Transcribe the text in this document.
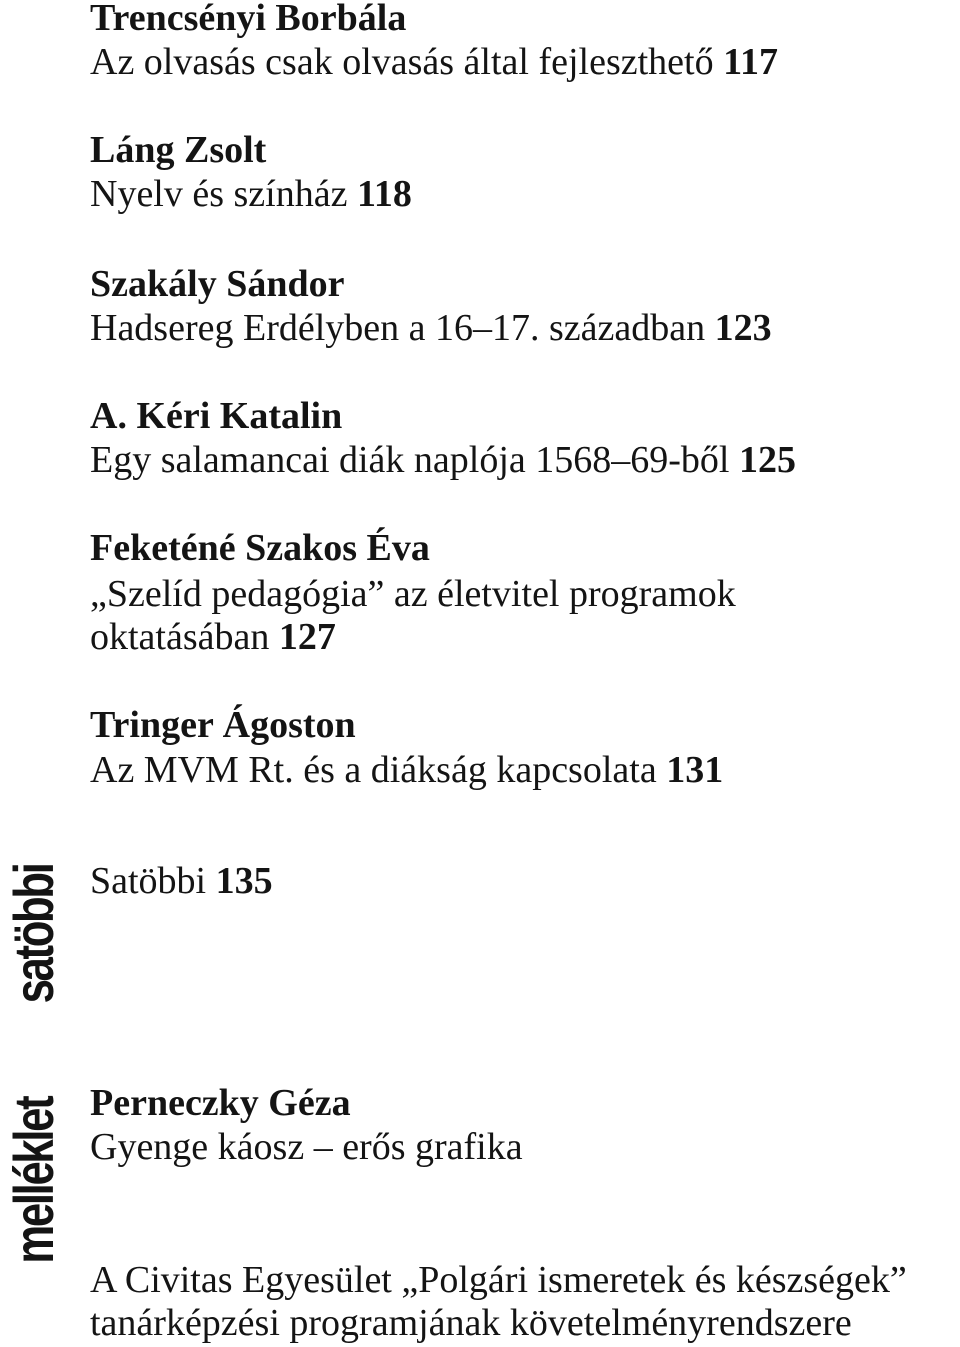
satöbbi
melléklet
Trencsényi Borbála
Az olvasás csak olvasás által fejleszthető 117
Láng Zsolt
Nyelv és színház 118
Szakály Sándor
Hadsereg Erdélyben a 16–17. században 123
A. Kéri Katalin
Egy salamancai diák naplója 1568–69-ből 125
Feketéné Szakos Éva
„Szelíd pedagógia” az életvitel programok
oktatásában 127
Tringer Ágoston
Az MVM Rt. és a diákság kapcsolata 131
Satöbbi 135
Perneczky Géza
Gyenge káosz – erős grafika
A Civitas Egyesület „Polgári ismeretek és készségek”
tanárképzési programjának követelményrendszere
